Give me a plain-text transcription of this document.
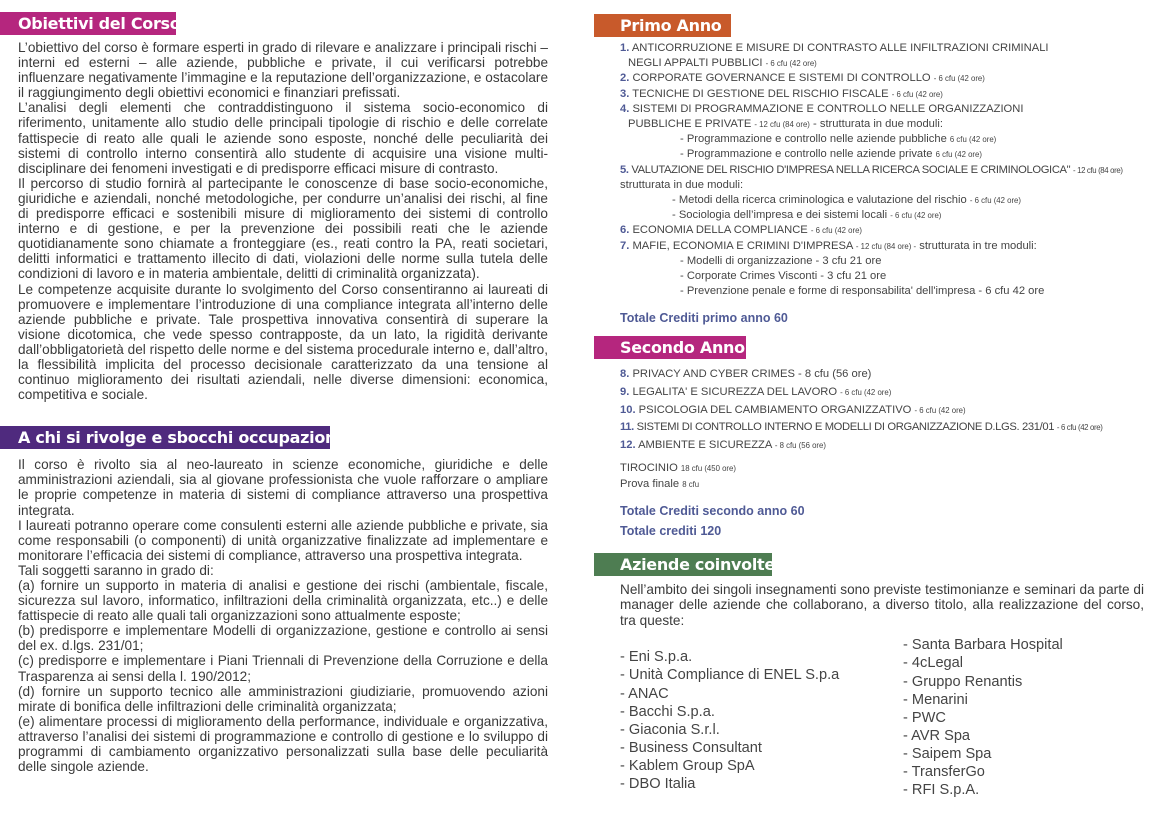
Obiettivi del Corso

L’obiettivo del corso è formare esperti in grado di rilevare e analizzare i principali rischi – interni ed esterni – alle aziende, pubbliche e private, il cui verificarsi potrebbe influenzare negativamente l’immagine e la reputazione dell’organizzazione, e ostacolare il raggiungimento degli obiettivi economici e finanziari prefissati.

L’analisi degli elementi che contraddistinguono il sistema socio-economico di riferimento, unitamente allo studio delle principali tipologie di rischio e delle correlate fattispecie di reato alle quali le aziende sono esposte, nonché delle peculiarità dei sistemi di controllo interno consentirà allo studente di acquisire una visione multi-disciplinare dei fenomeni investigati e di predisporre efficaci misure di contrasto.

Il percorso di studio fornirà al partecipante le conoscenze di base socio-economiche, giuridiche e aziendali, nonché metodologiche, per condurre un’analisi dei rischi, al fine di predisporre efficaci e sostenibili misure di miglioramento dei sistemi di controllo interno e di gestione, e per la prevenzione dei possibili reati che le aziende quotidianamente sono chiamate a fronteggiare (es., reati contro la PA, reati societari, delitti informatici e trattamento illecito di dati, violazioni delle norme sulla tutela delle condizioni di lavoro e in materia ambientale, delitti di criminalità organizzata).

Le competenze acquisite durante lo svolgimento del Corso consentiranno ai laureati di promuovere e implementare l’introduzione di una compliance integrata all’interno delle aziende pubbliche e private. Tale prospettiva innovativa consentirà di superare la visione dicotomica, che vede spesso contrapposte, da un lato, la rigidità derivante dall’obbligatorietà del rispetto delle norme e del sistema procedurale interno e, dall’altro, la flessibilità implicita del processo decisionale caratterizzato da una tensione al continuo miglioramento dei risultati aziendali, nelle diverse dimensioni: economica, competitiva e sociale.

A chi si rivolge e sbocchi occupazionali

Il corso è rivolto sia al neo-laureato in scienze economiche, giuridiche e delle amministrazioni aziendali, sia al giovane professionista che vuole rafforzare o ampliare le proprie competenze in materia di sistemi di compliance attraverso una prospettiva integrata.

I laureati potranno operare come consulenti esterni alle aziende pubbliche e private, sia come responsabili (o componenti) di unità organizzative finalizzate ad implementare e monitorare l’efficacia dei sistemi di compliance, attraverso una prospettiva integrata.

Tali soggetti saranno in grado di:

(a) fornire un supporto in materia di analisi e gestione dei rischi (ambientale, fiscale, sicurezza sul lavoro, informatico, infiltrazioni della criminalità organizzata, etc..) e delle fattispecie di reato alle quali tali organizzazioni sono attualmente esposte;

(b) predisporre e implementare Modelli di organizzazione, gestione e controllo ai sensi del ex. d.lgs. 231/01;

(c) predisporre e implementare i Piani Triennali di Prevenzione della Corruzione e della Trasparenza ai sensi della l. 190/2012;

(d) fornire un supporto tecnico alle amministrazioni giudiziarie, promuovendo azioni mirate di bonifica delle infiltrazioni delle criminalità organizzata;

(e) alimentare processi di miglioramento della performance, individuale e organizzativa, attraverso l’analisi dei sistemi di programmazione e controllo di gestione e lo sviluppo di programmi di cambiamento organizzativo personalizzati sulla base delle peculiarità delle singole aziende.

Primo Anno
1. ANTICORRUZIONE E MISURE DI CONTRASTO ALLE INFILTRAZIONI CRIMINALI
NEGLI APPALTI PUBBLICI - 6 cfu (42 ore)
2. CORPORATE GOVERNANCE E SISTEMI DI CONTROLLO - 6 cfu (42 ore)
3. TECNICHE DI GESTIONE DEL RISCHIO FISCALE - 6 cfu (42 ore)
4. SISTEMI DI PROGRAMMAZIONE E CONTROLLO NELLE ORGANIZZAZIONI
PUBBLICHE E PRIVATE - 12 cfu (84 ore) - strutturata in due moduli:
- Programmazione e controllo nelle aziende pubbliche 6 cfu (42 ore)
- Programmazione e controllo nelle aziende private 6 cfu (42 ore)
5. VALUTAZIONE DEL RISCHIO D'IMPRESA NELLA RICERCA SOCIALE E CRIMINOLOGICA" - 12 cfu (84 ore)
strutturata in due moduli:
- Metodi della ricerca criminologica e valutazione del rischio - 6 cfu (42 ore)
- Sociologia dell’impresa e dei sistemi locali - 6 cfu (42 ore)
6. ECONOMIA DELLA COMPLIANCE - 6 cfu (42 ore)
7. MAFIE, ECONOMIA E CRIMINI D'IMPRESA - 12 cfu (84 ore) - strutturata in tre moduli:
- Modelli di organizzazione - 3 cfu 21 ore
- Corporate Crimes Visconti - 3 cfu 21 ore
- Prevenzione penale e forme di responsabilita' dell'impresa - 6 cfu 42 ore
Totale Crediti primo anno 60
Secondo Anno
8. PRIVACY AND CYBER CRIMES - 8 cfu (56 ore)
9. LEGALITA' E SICUREZZA DEL LAVORO - 6 cfu (42 ore)
10. PSICOLOGIA DEL CAMBIAMENTO ORGANIZZATIVO - 6 cfu (42 ore)
11. SISTEMI DI CONTROLLO INTERNO E MODELLI DI ORGANIZZAZIONE D.LGS. 231/01 - 6 cfu (42 ore)
12. AMBIENTE E SICUREZZA - 8 cfu (56 ore)
TIROCINIO 18 cfu (450 ore)
Prova finale 8 cfu
Totale Crediti secondo anno 60
Totale crediti 120
Aziende coinvolte
Nell’ambito dei singoli insegnamenti sono previste testimonianze e seminari da parte di manager delle aziende che collaborano, a diverso titolo, alla realizzazione del corso, tra queste:
- Eni S.p.a.
- Unità Compliance di ENEL S.p.a
- ANAC
- Bacchi S.p.a.
- Giaconia S.r.l.
- Business Consultant
- Kablem Group SpA
- DBO Italia
- Santa Barbara Hospital
- 4cLegal
- Gruppo Renantis
- Menarini
- PWC
- AVR Spa
- Saipem Spa
- TransferGo
- RFI S.p.A.
